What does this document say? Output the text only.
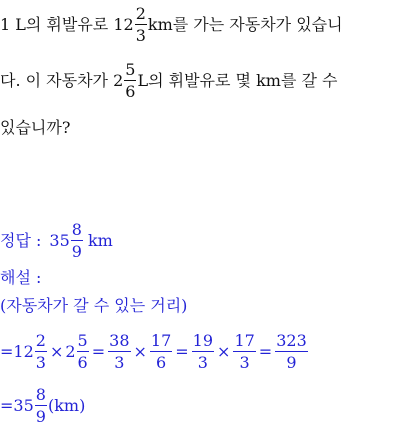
1 L의 휘발유로 $12 \frac{2}{3}$ km를 가는 자동차가 있습니
다. 이 자동차가 $2 \frac{5}{6}$ L의 휘발유로 몇 km를 갈 수
있습니까?
정답 : $35 \frac{8}{9}$ km
해설 :
(자동차가 갈 수 있는 거리)
= $12 \frac{2}{3} \times 2 \frac{5}{6} = \frac{38}{3} \times \frac{17}{6} = \frac{19}{3} \times \frac{17}{3} = \frac{323}{9}$
= $35 \frac{8}{9} (km)$
